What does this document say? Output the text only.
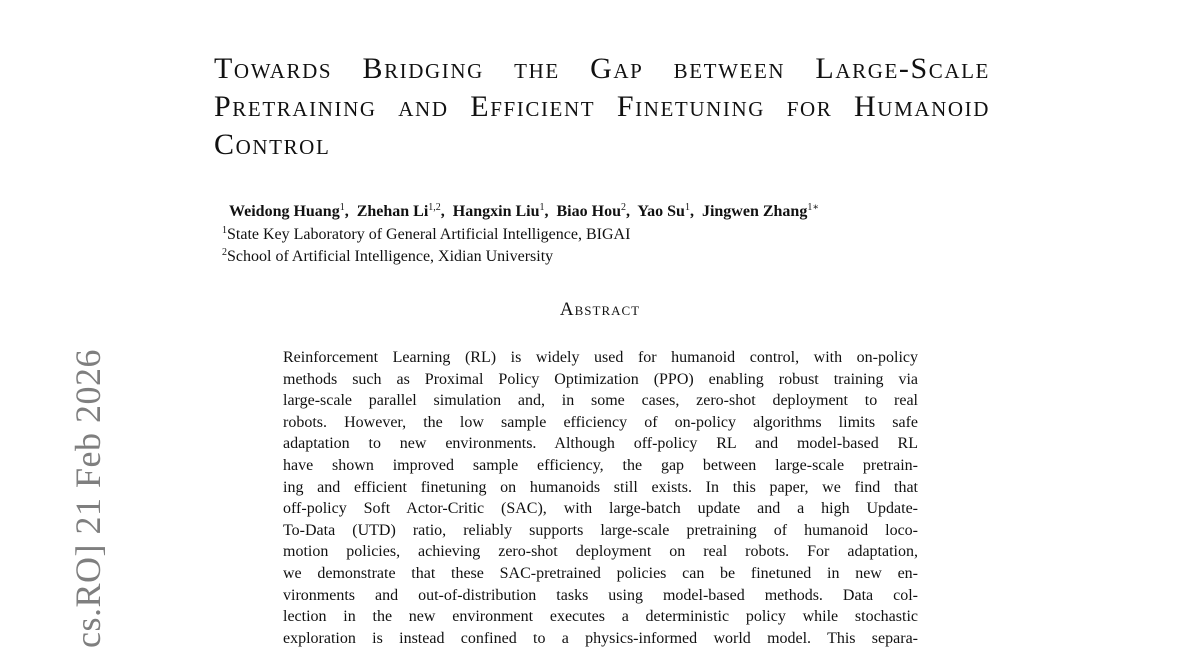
cs.RO] 21 Feb 2026
Towards Bridging the Gap between Large-Scale Pretraining and Efficient Finetuning for Humanoid Control
Weidong Huang$^1$,  Zhehan Li$^{1,2}$,  Hangxin Liu$^1$,  Biao Hou$^2$,  Yao Su$^1$,  Jingwen Zhang$^{1∗}$
$^1$State Key Laboratory of General Artificial Intelligence, BIGAI
$^2$School of Artificial Intelligence, Xidian University
Abstract

Reinforcement Learning (RL) is widely used for humanoid control, with on-policy
methods such as Proximal Policy Optimization (PPO) enabling robust training via
large-scale parallel simulation and, in some cases, zero-shot deployment to real
robots. However, the low sample efficiency of on-policy algorithms limits safe
adaptation to new environments. Although off-policy RL and model-based RL
have shown improved sample efficiency, the gap between large-scale pretrain-
ing and efficient finetuning on humanoids still exists. In this paper, we find that
off-policy Soft Actor-Critic (SAC), with large-batch update and a high Update-
To-Data (UTD) ratio, reliably supports large-scale pretraining of humanoid loco-
motion policies, achieving zero-shot deployment on real robots. For adaptation,
we demonstrate that these SAC-pretrained policies can be finetuned in new en-
vironments and out-of-distribution tasks using model-based methods. Data col-
lection in the new environment executes a deterministic policy while stochastic
exploration is instead confined to a physics-informed world model. This separa-
